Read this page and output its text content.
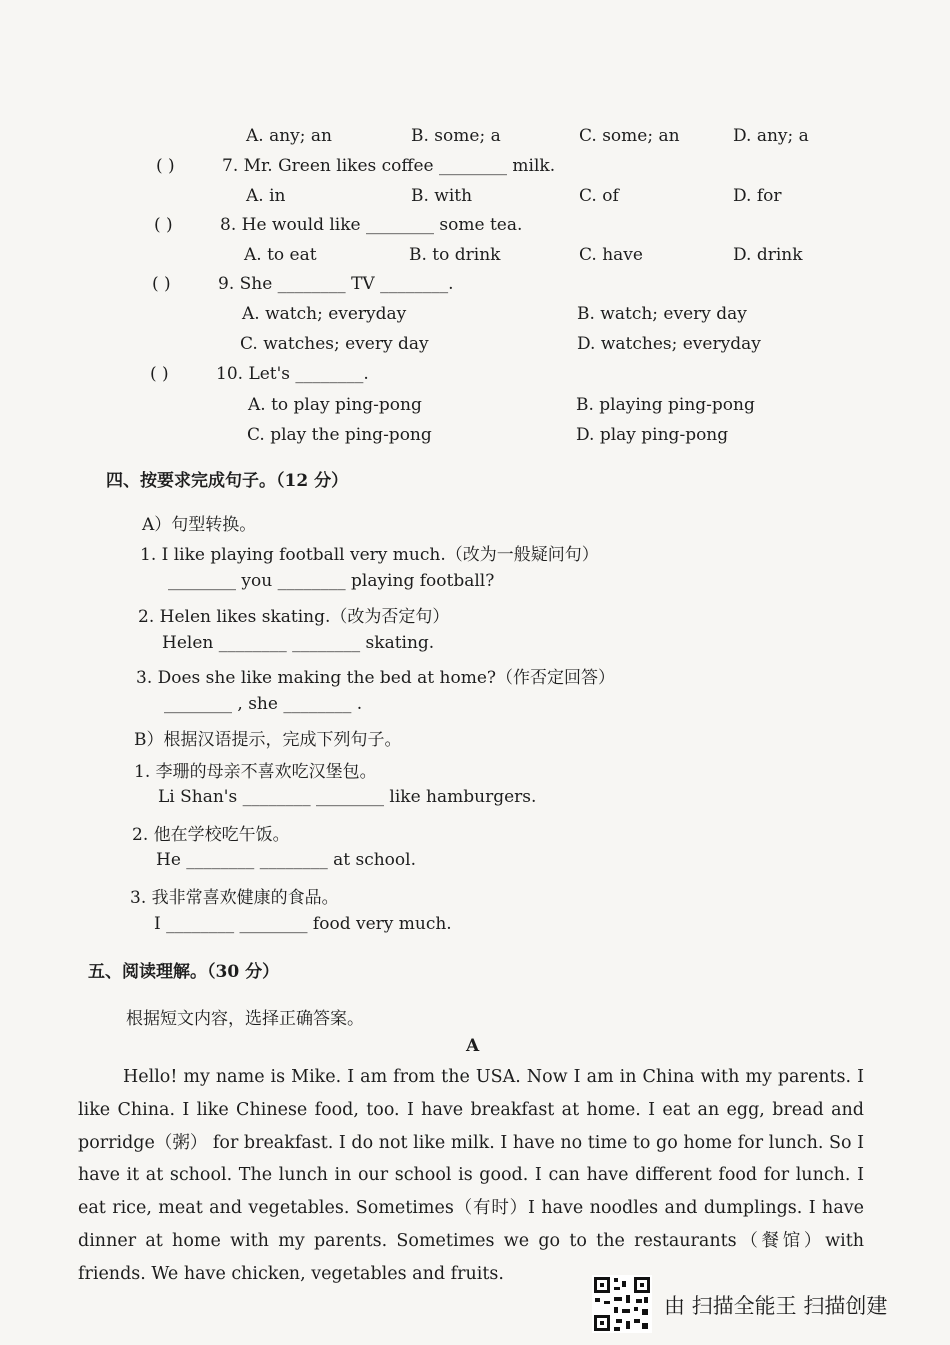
A. any; an	B. some; a	C. some; an	D. any; a
( )	7. Mr. Green likes coffee ________ milk.
A. in	B. with	C. of	D. for
( )	8. He would like ________ some tea.
A. to eat	B. to drink	C. have	D. drink
( )	9. She ________ TV ________.
A. watch; everyday	B. watch; every day
C. watches; every day	D. watches; everyday
( )	10. Let's ________.
A. to play ping-pong	B. playing ping-pong
C. play the ping-pong	D. play ping-pong
四、按要求完成句子。（12 分）
A）句型转换。
1. I like playing football very much.（改为一般疑问句）
________ you ________ playing football?
2. Helen likes skating.（改为否定句）
Helen ________ ________ skating.
3. Does she like making the bed at home?（作否定回答）
________ , she ________ .
B）根据汉语提示，完成下列句子。
1. 李珊的母亲不喜欢吃汉堡包。
Li Shan's ________ ________ like hamburgers.
2. 他在学校吃午饭。
He ________ ________ at school.
3. 我非常喜欢健康的食品。
I ________ ________ food very much.
五、阅读理解。（30 分）
根据短文内容，选择正确答案。
A

Hello! my name is Mike. I am from the USA. Now I am in China with my parents. I like China. I like Chinese food, too. I have breakfast at home. I eat an egg, bread and porridge（粥） for breakfast. I do not like milk. I have no time to go home for lunch. So I have it at school. The lunch in our school is good. I can have different food for lunch. I eat rice, meat and vegetables. Sometimes（有时）I have noodles and dumplings. I have dinner at home with my parents. Sometimes we go to the restaurants（餐馆）with friends. We have chicken, vegetables and fruits.

由 扫描全能王 扫描创建
